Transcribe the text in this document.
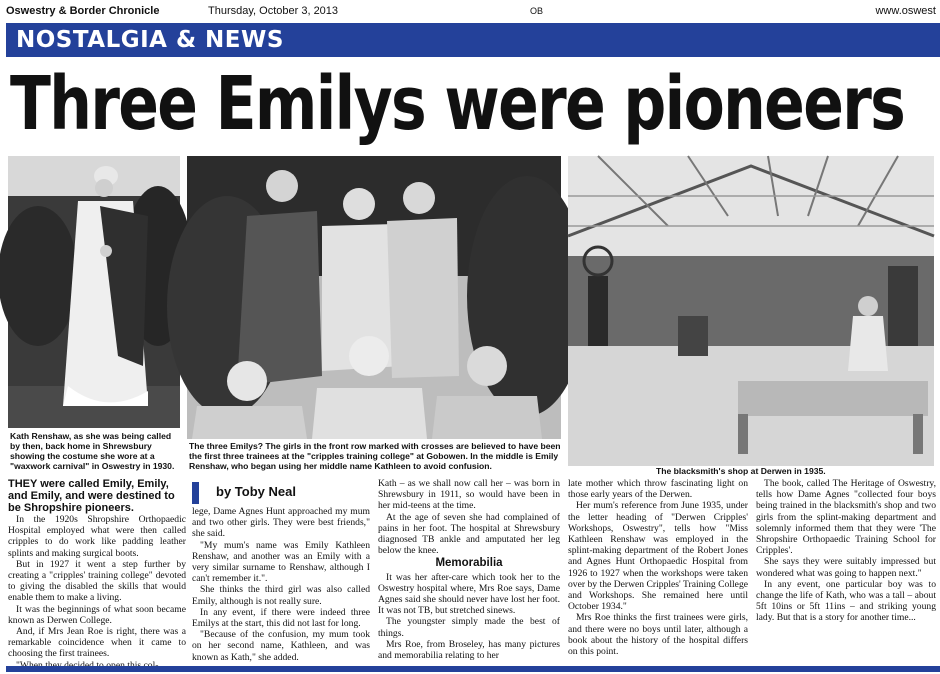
Oswestry & Border Chronicle	Thursday, October 3, 2013	OB	www.oswest
NOSTALGIA & NEWS
Three Emilys were pioneers
Kath Renshaw, as she was being called by then, back home in Shrewsbury showing the costume she wore at a "waxwork carnival" in Oswestry in 1930.
The three Emilys? The girls in the front row marked with crosses are believed to have been the first three trainees at the "cripples training college" at Gobowen. In the middle is Emily Renshaw, who began using her middle name Kathleen to avoid confusion.	The blacksmith's shop at Derwen in 1935.
by Toby Neal
THEY were called Emily, Emily, and Emily, and were destined to be Shropshire pioneers.

In the 1920s Shropshire Orthopaedic Hospital employed what were then called cripples to do work like padding leather splints and making surgical boots.

But in 1927 it went a step further by creating a "cripples' training college" devoted to giving the disabled the skills that would enable them to make a living.

It was the beginnings of what soon became known as Derwen College.

And, if Mrs Jean Roe is right, there was a remarkable coincidence when it came to choosing the first trainees.

lege, Dame Agnes Hunt approached my mum and two other girls. They were best friends," she said.

"My mum's name was Emily Kathleen Renshaw, and another was an Emily with a very similar surname to Renshaw, although I can't remember it.".

She thinks the third girl was also called Emily, although is not really sure.

In any event, if there were indeed three Emilys at the start, this did not last for long.

"Because of the confusion, my mum took on her second name, Kathleen, and was known as Kath," she added.

Kath – as we shall now call her – was born in Shrewsbury in 1911, so would have been in her mid-teens at the time.

At the age of seven she had complained of pains in her foot. The hospital at Shrewsbury diagnosed TB ankle and amputated her leg below the knee.

Memorabilia

It was her after-care which took her to the Oswestry hospital where, Mrs Roe says, Dame Agnes said she should never have lost her foot. It was not TB, but stretched sinews.

The youngster simply made the best of things.

Mrs Roe, from Broseley, has many pictures and memorabilia relating to her

late mother which throw fascinating light on those early years of the Derwen.

Her mum's reference from June 1935, under the letter heading of "Derwen Cripples' Workshops, Oswestry", tells how "Miss Kathleen Renshaw was employed in the splint-making department of the Robert Jones and Agnes Hunt Orthopaedic Hospital from 1926 to 1927 when the workshops were taken over by the Derwen Cripples' Training College and Workshops. She remained here until October 1934."

Mrs Roe thinks the first trainees were girls, and there were no boys until later, although a book about the history of the hospital differs on this point.

The book, called The Heritage of Oswestry, tells how Dame Agnes "collected four boys being trained in the blacksmith's shop and two girls from the splint-making department and solemnly informed them that they were 'The Shropshire Orthopaedic Training School for Cripples'.

She says they were suitably impressed but wondered what was going to happen next."

In any event, one particular boy was to change the life of Kath, who was a tall – about 5ft 10ins or 5ft 11ins – and striking young lady. But that is a story for another time...
